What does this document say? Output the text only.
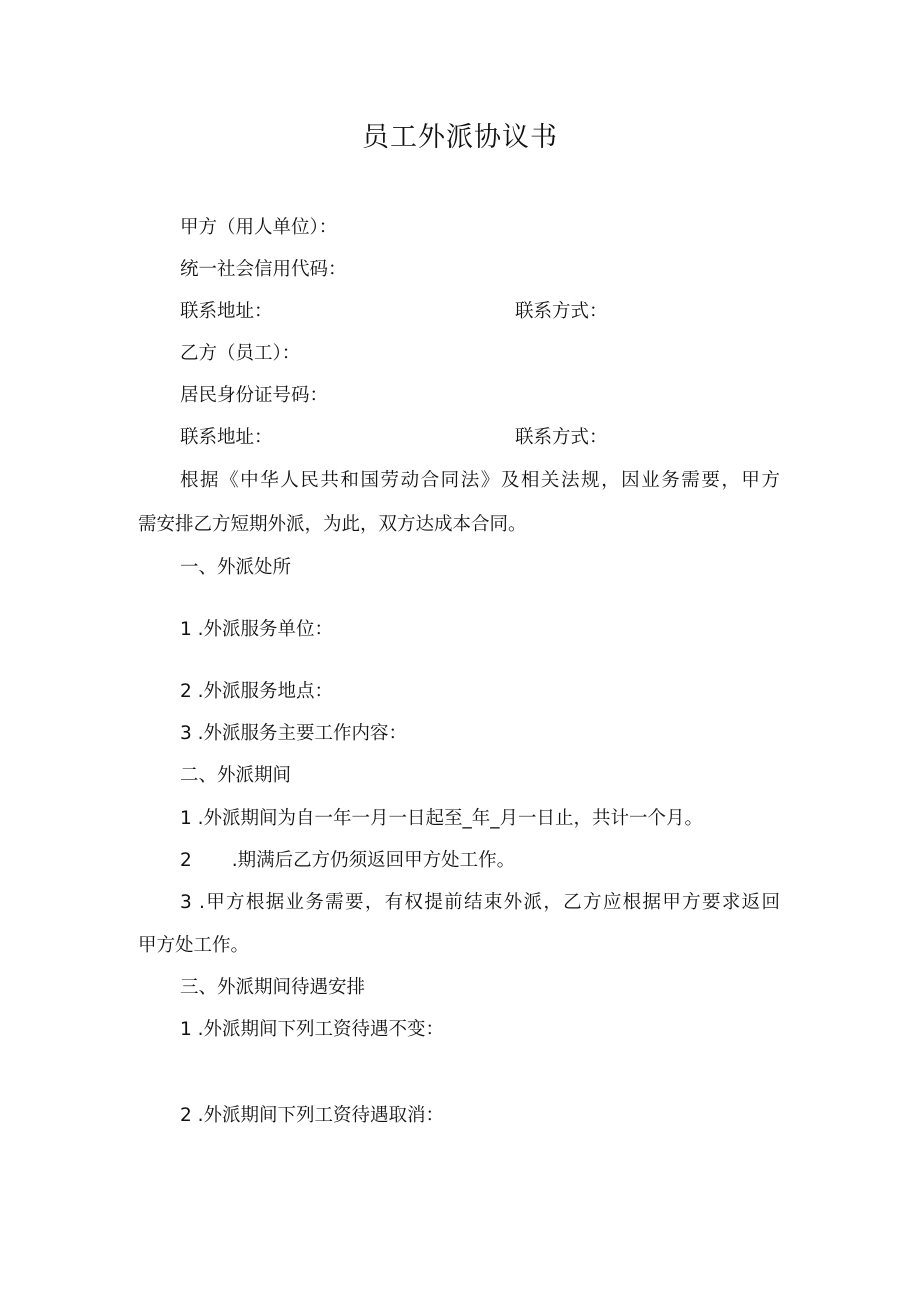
员工外派协议书
甲方（用人单位）：
统一社会信用代码：
联系地址：	联系方式：
乙方（员工）：
居民身份证号码：
联系地址：	联系方式：
根据《中华人民共和国劳动合同法》及相关法规，因业务需要，甲方
需安排乙方短期外派，为此，双方达成本合同。
一、外派处所
1 .外派服务单位：
2 .外派服务地点：
3 .外派服务主要工作内容：
二、外派期间
1 .外派期间为自一年一月一日起至_年_月一日止，共计一个月。
2 .期满后乙方仍须返回甲方处工作。
3 .甲方根据业务需要，有权提前结束外派，乙方应根据甲方要求返回
甲方处工作。
三、外派期间待遇安排
1 .外派期间下列工资待遇不变：
2 .外派期间下列工资待遇取消：
